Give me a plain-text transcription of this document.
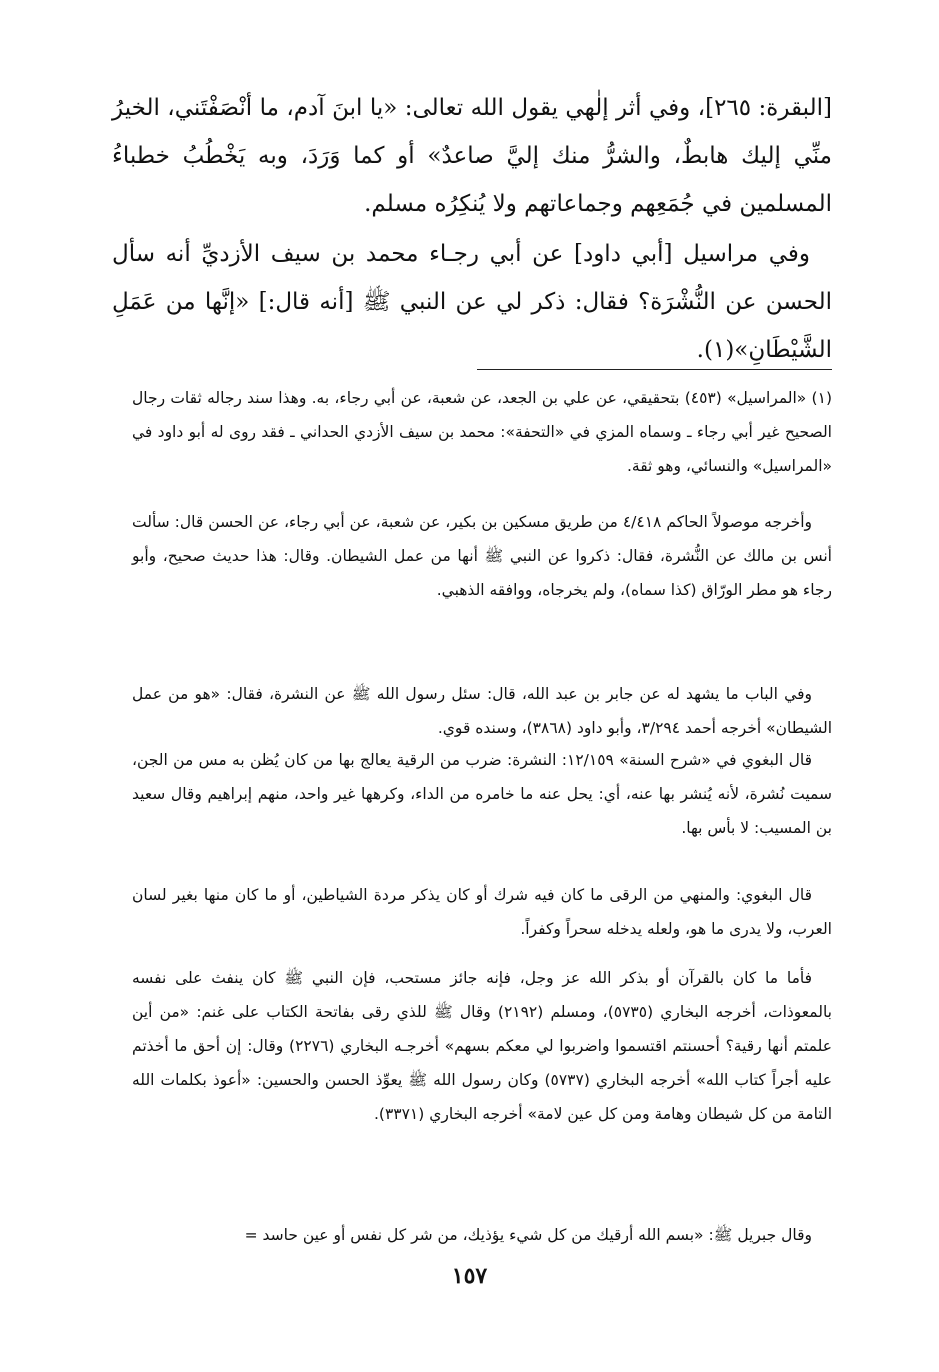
[البقرة: ٢٦٥]، وفي أثر إلٰهي يقول الله تعالى: «يا ابنَ آدم، ما أنْصَفْتَني، الخيرُ منِّي إليك هابطٌ، والشرُّ منك إليَّ صاعدٌ» أو كما وَرَدَ، وبه يَخْطُبُ خطباءُ المسلمين في جُمَعِهم وجماعاتهم ولا يُنكِرُه مسلم.

وفي مراسيل [أبي داود] عن أبي رجـاء محمد بن سيف الأزديِّ أنه سأل الحسن عن النُّشْرَة؟ فقال: ذكر لي عن النبي ﷺ [أنه قال:] «إنَّها من عَمَلِ الشَّيْطَانِ»(١).

(١) «المراسيل» (٤٥٣) بتحقيقي، عن علي بن الجعد، عن شعبة، عن أبي رجاء، به. وهذا سند رجاله ثقات رجال الصحيح غير أبي رجاء ـ وسماه المزي في «التحفة»: محمد بن سيف الأزدي الحداني ـ فقد روى له أبو داود في «المراسيل» والنسائي، وهو ثقة.

وأخرجه موصولاً الحاكم ٤/٤١٨ من طريق مسكين بن بكير، عن شعبة، عن أبي رجاء، عن الحسن قال: سألت أنس بن مالك عن النُّشرة، فقال: ذكروا عن النبي ﷺ أنها من عمل الشيطان. وقال: هذا حديث صحيح، وأبو رجاء هو مطر الورّاق (كذا سماه)، ولم يخرجاه، ووافقه الذهبي.

وفي الباب ما يشهد له عن جابر بن عبد الله، قال: سئل رسول الله ﷺ عن النشرة، فقال: «هو من عمل الشيطان» أخرجه أحمد ٣/٢٩٤، وأبو داود (٣٨٦٨)، وسنده قوي.

قال البغوي في «شرح السنة» ١٢/١٥٩: النشرة: ضرب من الرقية يعالج بها من كان يُظن به مس من الجن، سميت نُشرة، لأنه يُنشر بها عنه، أي: يحل عنه ما خامره من الداء، وكرهها غير واحد، منهم إبراهيم وقال سعيد بن المسيب: لا بأس بها.

قال البغوي: والمنهي من الرقى ما كان فيه شرك أو كان يذكر مردة الشياطين، أو ما كان منها بغير لسان العرب، ولا يدرى ما هو، ولعله يدخله سحراً وكفراً.

فأما ما كان بالقرآن أو بذكر الله عز وجل، فإنه جائز مستحب، فإن النبي ﷺ كان ينفث على نفسه بالمعوذات، أخرجه البخاري (٥٧٣٥)، ومسلم (٢١٩٢) وقال ﷺ للذي رقى بفاتحة الكتاب على غنم: «من أين علمتم أنها رقية؟ أحسنتم اقتسموا واضربوا لي معكم بسهم» أخرجـه البخاري (٢٢٧٦) وقال: إن أحق ما أخذتم عليه أجراً كتاب الله» أخرجه البخاري (٥٧٣٧) وكان رسول الله ﷺ يعوِّذ الحسن والحسين: «أعوذ بكلمات الله التامة من كل شيطان وهامة ومن كل عين لامة» أخرجه البخاري (٣٣٧١).

وقال جبريل ﷺ: «بسم الله أرقيك من كل شيء يؤذيك، من شر كل نفس أو عين حاسد =

١٥٧
